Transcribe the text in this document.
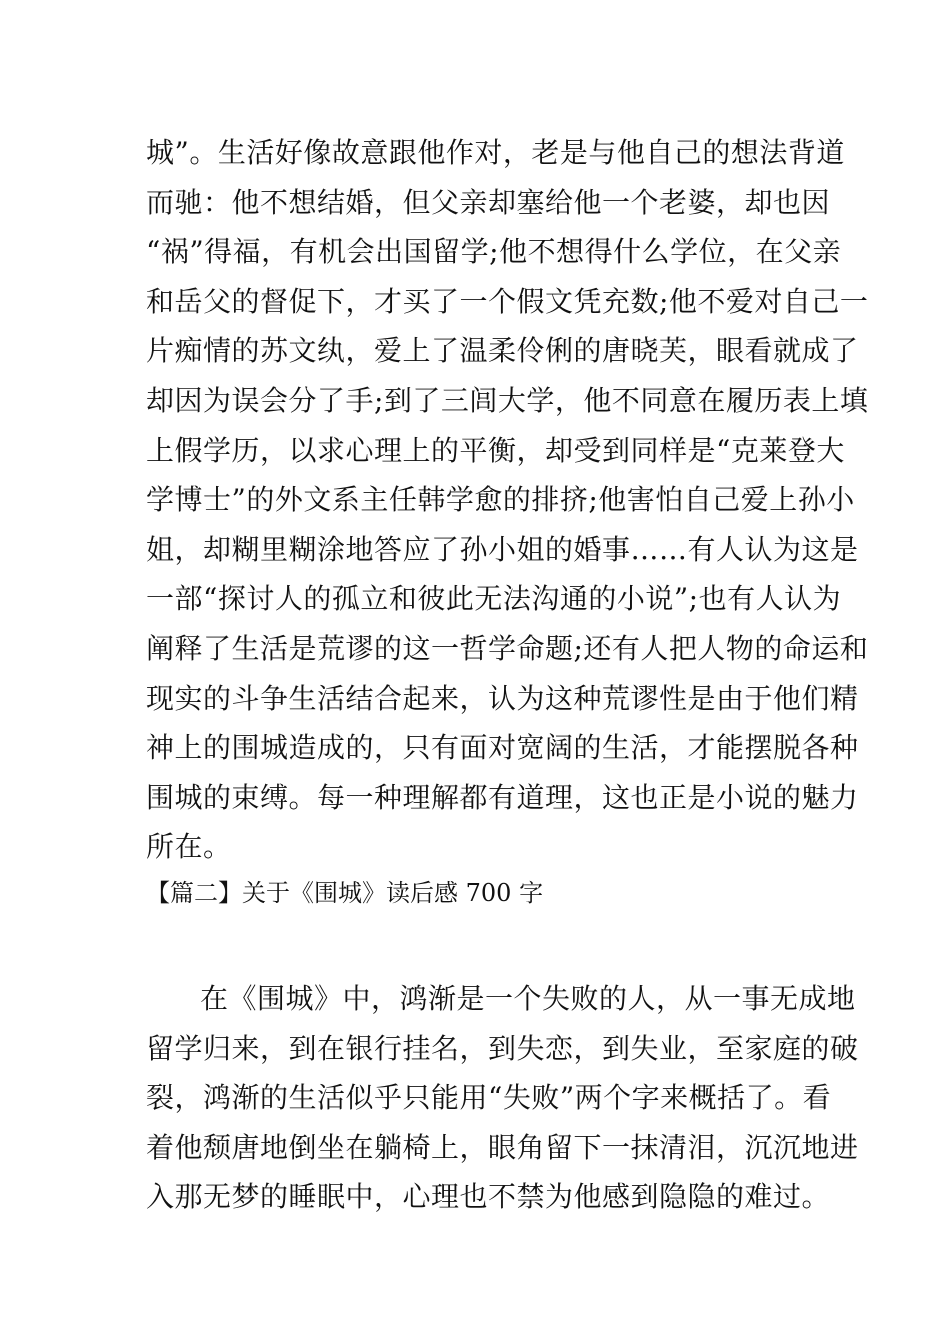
城”。生活好像故意跟他作对，老是与他自己的想法背道
而驰：他不想结婚，但父亲却塞给他一个老婆，却也因
“祸”得福，有机会出国留学;他不想得什么学位，在父亲
和岳父的督促下，才买了一个假文凭充数;他不爱对自己一
片痴情的苏文纨，爱上了温柔伶俐的唐晓芙，眼看就成了
却因为误会分了手;到了三闾大学，他不同意在履历表上填
上假学历，以求心理上的平衡，却受到同样是“克莱登大
学博士”的外文系主任韩学愈的排挤;他害怕自己爱上孙小
姐，却糊里糊涂地答应了孙小姐的婚事……有人认为这是
一部“探讨人的孤立和彼此无法沟通的小说”;也有人认为
阐释了生活是荒谬的这一哲学命题;还有人把人物的命运和
现实的斗争生活结合起来，认为这种荒谬性是由于他们精
神上的围城造成的，只有面对宽阔的生活，才能摆脱各种
围城的束缚。每一种理解都有道理，这也正是小说的魅力
所在。
【篇二】关于《围城》读后感 700 字
在《围城》中，鸿渐是一个失败的人，从一事无成地
留学归来，到在银行挂名，到失恋，到失业，至家庭的破
裂，鸿渐的生活似乎只能用“失败”两个字来概括了。看
着他颓唐地倒坐在躺椅上，眼角留下一抹清泪，沉沉地进
入那无梦的睡眠中，心理也不禁为他感到隐隐的难过。
